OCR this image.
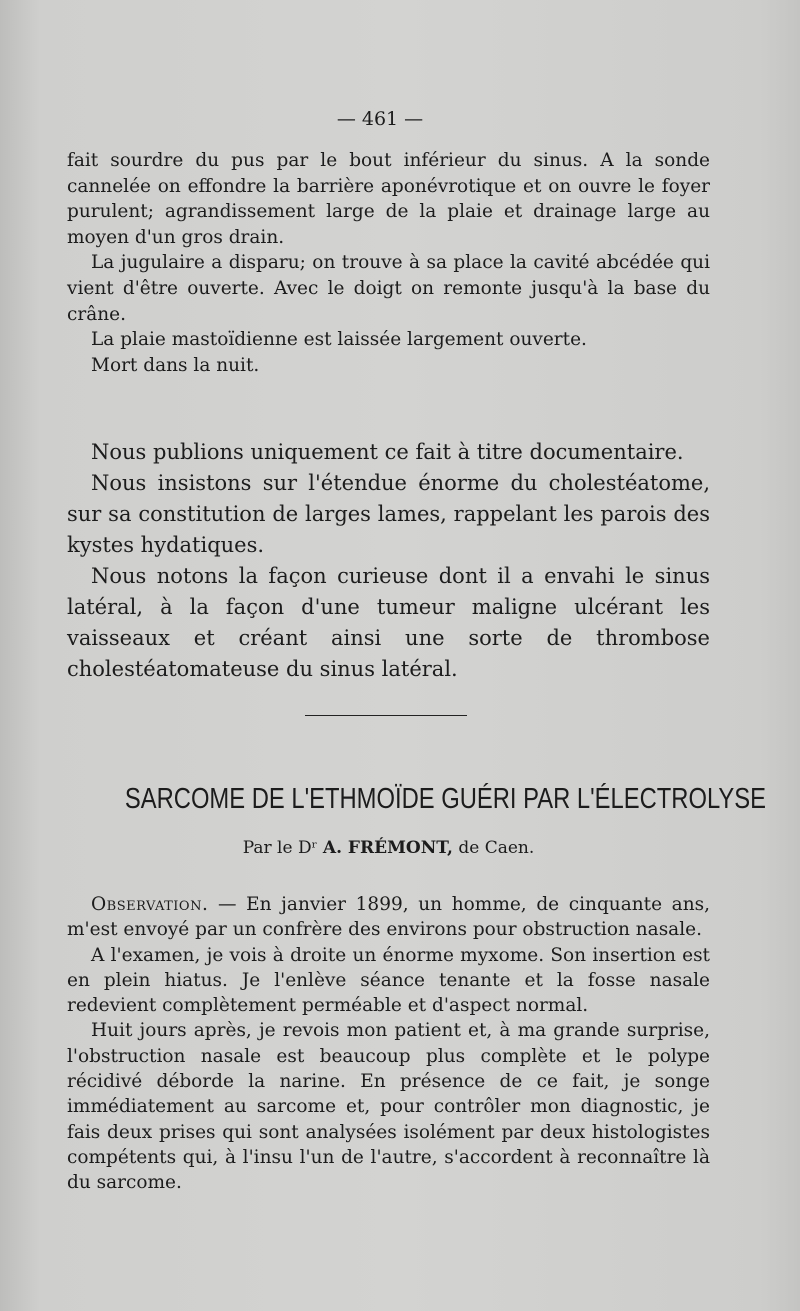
— 461 —

fait sourdre du pus par le bout inférieur du sinus. A la sonde cannelée on effondre la barrière aponévrotique et on ouvre le foyer purulent; agrandissement large de la plaie et drainage large au moyen d'un gros drain.

La jugulaire a disparu; on trouve à sa place la cavité abcédée qui vient d'être ouverte. Avec le doigt on remonte jusqu'à la base du crâne.

La plaie mastoïdienne est laissée largement ouverte.

Mort dans la nuit.

Nous publions uniquement ce fait à titre documentaire.

Nous insistons sur l'étendue énorme du cholestéatome, sur sa constitution de larges lames, rappelant les parois des kystes hydatiques.

Nous notons la façon curieuse dont il a envahi le sinus latéral, à la façon d'une tumeur maligne ulcérant les vaisseaux et créant ainsi une sorte de thrombose cholestéatomateuse du sinus latéral.

SARCOME DE L'ETHMOÏDE GUÉRI PAR L'ÉLECTROLYSE
Par le Dʳ A. FRÉMONT, de Caen.

Observation. — En janvier 1899, un homme, de cinquante ans, m'est envoyé par un confrère des environs pour obstruction nasale.

A l'examen, je vois à droite un énorme myxome. Son insertion est en plein hiatus. Je l'enlève séance tenante et la fosse nasale redevient complètement perméable et d'aspect normal.

Huit jours après, je revois mon patient et, à ma grande surprise, l'obstruction nasale est beaucoup plus complète et le polype récidivé déborde la narine. En présence de ce fait, je songe immédiatement au sarcome et, pour contrôler mon diagnostic, je fais deux prises qui sont analysées isolément par deux histologistes compétents qui, à l'insu l'un de l'autre, s'accordent à reconnaître là du sarcome.
